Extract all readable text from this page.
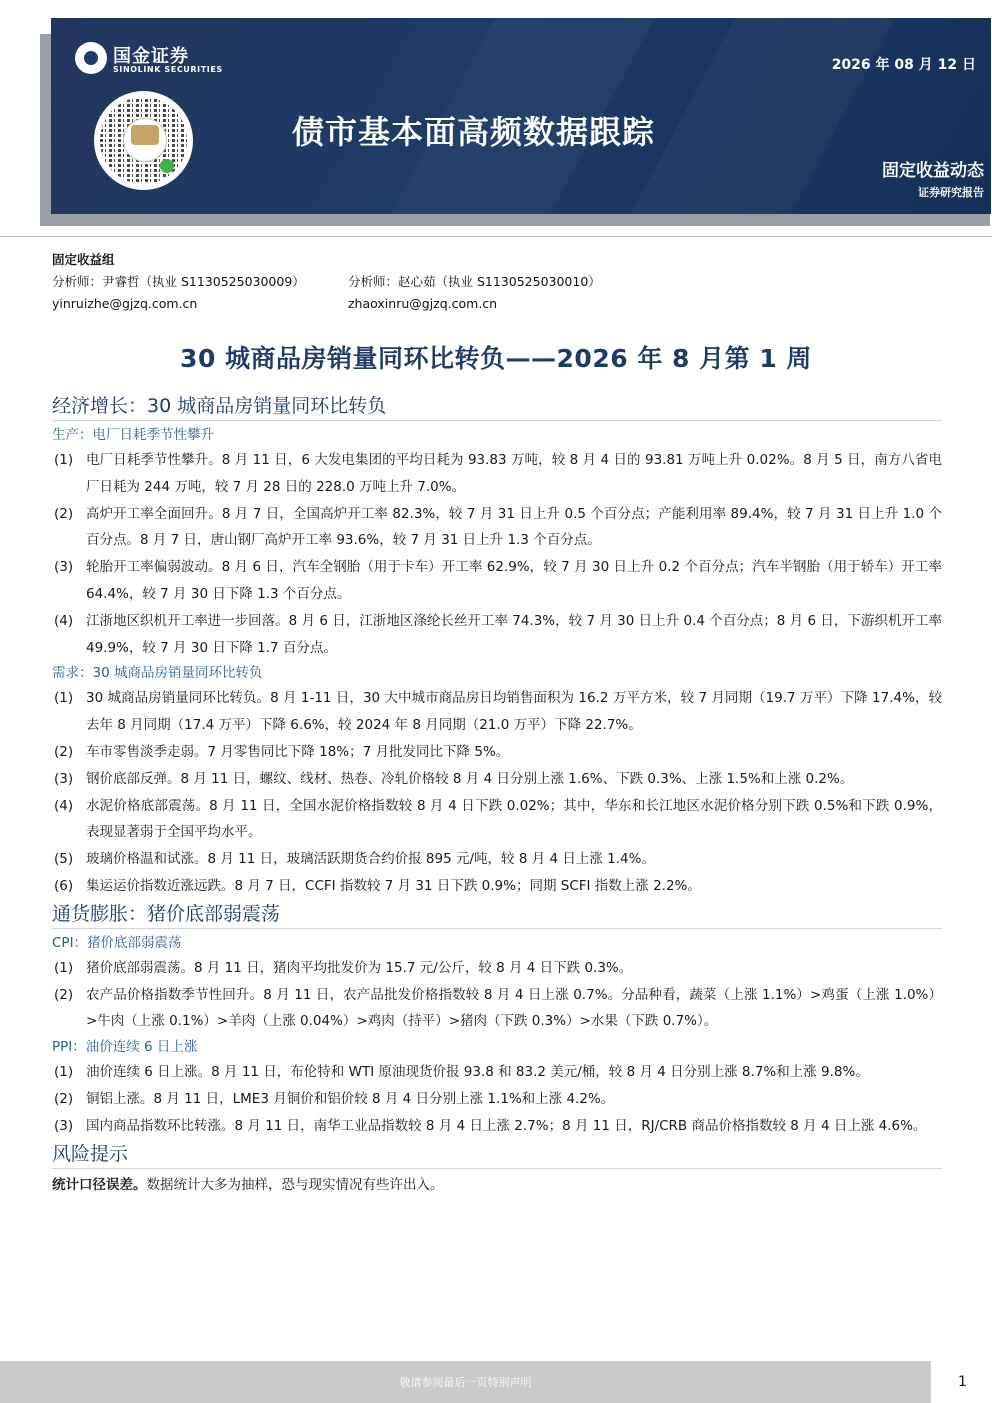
国金证券
SINOLINK SECURITIES	2026 年 08 月 12 日
债市基本面高频数据跟踪
固定收益动态
证券研究报告
固定收益组
分析师：尹睿哲（执业 S1130525030009）	分析师：赵心茹（执业 S1130525030010）
yinruizhe@gjzq.com.cn	zhaoxinru@gjzq.com.cn
30 城商品房销量同环比转负——2026 年 8 月第 1 周
经济增长：30 城商品房销量同环比转负
生产：电厂日耗季节性攀升
(1) 电厂日耗季节性攀升。8 月 11 日，6 大发电集团的平均日耗为 93.83 万吨，较 8 月 4 日的 93.81 万吨上升 0.02%。8 月 5 日，南方八省电厂日耗为 244 万吨，较 7 月 28 日的 228.0 万吨上升 7.0%。
(2) 高炉开工率全面回升。8 月 7 日，全国高炉开工率 82.3%，较 7 月 31 日上升 0.5 个百分点；产能利用率 89.4%，较 7 月 31 日上升 1.0 个百分点。8 月 7 日，唐山钢厂高炉开工率 93.6%，较 7 月 31 日上升 1.3 个百分点。
(3) 轮胎开工率偏弱波动。8 月 6 日，汽车全钢胎（用于卡车）开工率 62.9%，较 7 月 30 日上升 0.2 个百分点；汽车半钢胎（用于轿车）开工率 64.4%，较 7 月 30 日下降 1.3 个百分点。
(4) 江浙地区织机开工率进一步回落。8 月 6 日，江浙地区涤纶长丝开工率 74.3%，较 7 月 30 日上升 0.4 个百分点；8 月 6 日，下游织机开工率 49.9%，较 7 月 30 日下降 1.7 百分点。
需求：30 城商品房销量同环比转负
(1) 30 城商品房销量同环比转负。8 月 1-11 日，30 大中城市商品房日均销售面积为 16.2 万平方米，较 7 月同期（19.7 万平）下降 17.4%，较去年 8 月同期（17.4 万平）下降 6.6%，较 2024 年 8 月同期（21.0 万平）下降 22.7%。
(2) 车市零售淡季走弱。7 月零售同比下降 18%；7 月批发同比下降 5%。
(3) 钢价底部反弹。8 月 11 日，螺纹、线材、热卷、冷轧价格较 8 月 4 日分别上涨 1.6%、下跌 0.3%、上涨 1.5%和上涨 0.2%。
(4) 水泥价格底部震荡。8 月 11 日，全国水泥价格指数较 8 月 4 日下跌 0.02%；其中，华东和长江地区水泥价格分别下跌 0.5%和下跌 0.9%，表现显著弱于全国平均水平。
(5) 玻璃价格温和试涨。8 月 11 日，玻璃活跃期货合约价报 895 元/吨，较 8 月 4 日上涨 1.4%。
(6) 集运运价指数近涨远跌。8 月 7 日，CCFI 指数较 7 月 31 日下跌 0.9%；同期 SCFI 指数上涨 2.2%。
通货膨胀：猪价底部弱震荡
CPI：猪价底部弱震荡
(1) 猪价底部弱震荡。8 月 11 日，猪肉平均批发价为 15.7 元/公斤，较 8 月 4 日下跌 0.3%。
(2) 农产品价格指数季节性回升。8 月 11 日，农产品批发价格指数较 8 月 4 日上涨 0.7%。分品种看，蔬菜（上涨 1.1%）>鸡蛋（上涨 1.0%）>牛肉（上涨 0.1%）>羊肉（上涨 0.04%）>鸡肉（持平）>猪肉（下跌 0.3%）>水果（下跌 0.7%）。
PPI：油价连续 6 日上涨
(1) 油价连续 6 日上涨。8 月 11 日，布伦特和 WTI 原油现货价报 93.8 和 83.2 美元/桶，较 8 月 4 日分别上涨 8.7%和上涨 9.8%。
(2) 铜铝上涨。8 月 11 日，LME3 月铜价和铝价较 8 月 4 日分别上涨 1.1%和上涨 4.2%。
(3) 国内商品指数环比转涨。8 月 11 日，南华工业品指数较 8 月 4 日上涨 2.7%；8 月 11 日，RJ/CRB 商品价格指数较 8 月 4 日上涨 4.6%。
风险提示
统计口径误差。数据统计大多为抽样，恐与现实情况有些许出入。
敬请参阅最后一页特别声明	1
